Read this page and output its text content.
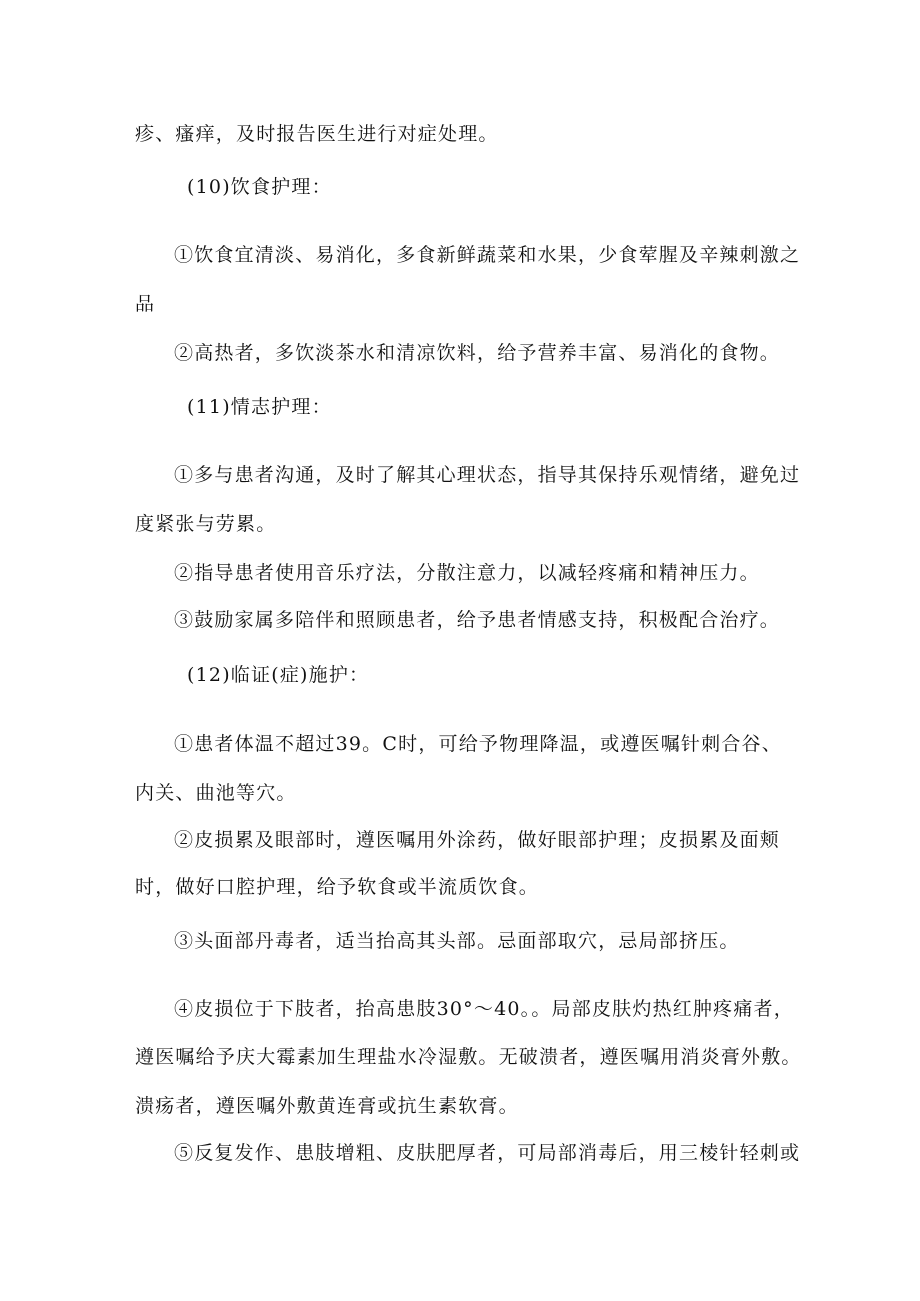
疹、瘙痒，及时报告医生进行对症处理。
(10)饮食护理：
①饮食宜清淡、易消化，多食新鲜蔬菜和水果，少食荤腥及辛辣刺激之
品
②高热者，多饮淡茶水和清凉饮料，给予营养丰富、易消化的食物。
(11)情志护理：
①多与患者沟通，及时了解其心理状态，指导其保持乐观情绪，避免过
度紧张与劳累。
②指导患者使用音乐疗法，分散注意力，以减轻疼痛和精神压力。
③鼓励家属多陪伴和照顾患者，给予患者情感支持，积极配合治疗。
(12)临证(症)施护：
①患者体温不超过39。C时，可给予物理降温，或遵医嘱针刺合谷、
内关、曲池等穴。
②皮损累及眼部时，遵医嘱用外涂药，做好眼部护理；皮损累及面颊
时，做好口腔护理，给予软食或半流质饮食。
③头面部丹毒者，适当抬高其头部。忌面部取穴，忌局部挤压。
④皮损位于下肢者，抬高患肢30°～40。。局部皮肤灼热红肿疼痛者，
遵医嘱给予庆大霉素加生理盐水冷湿敷。无破溃者，遵医嘱用消炎膏外敷。
溃疡者，遵医嘱外敷黄连膏或抗生素软膏。
⑤反复发作、患肢增粗、皮肤肥厚者，可局部消毒后，用三棱针轻刺或
